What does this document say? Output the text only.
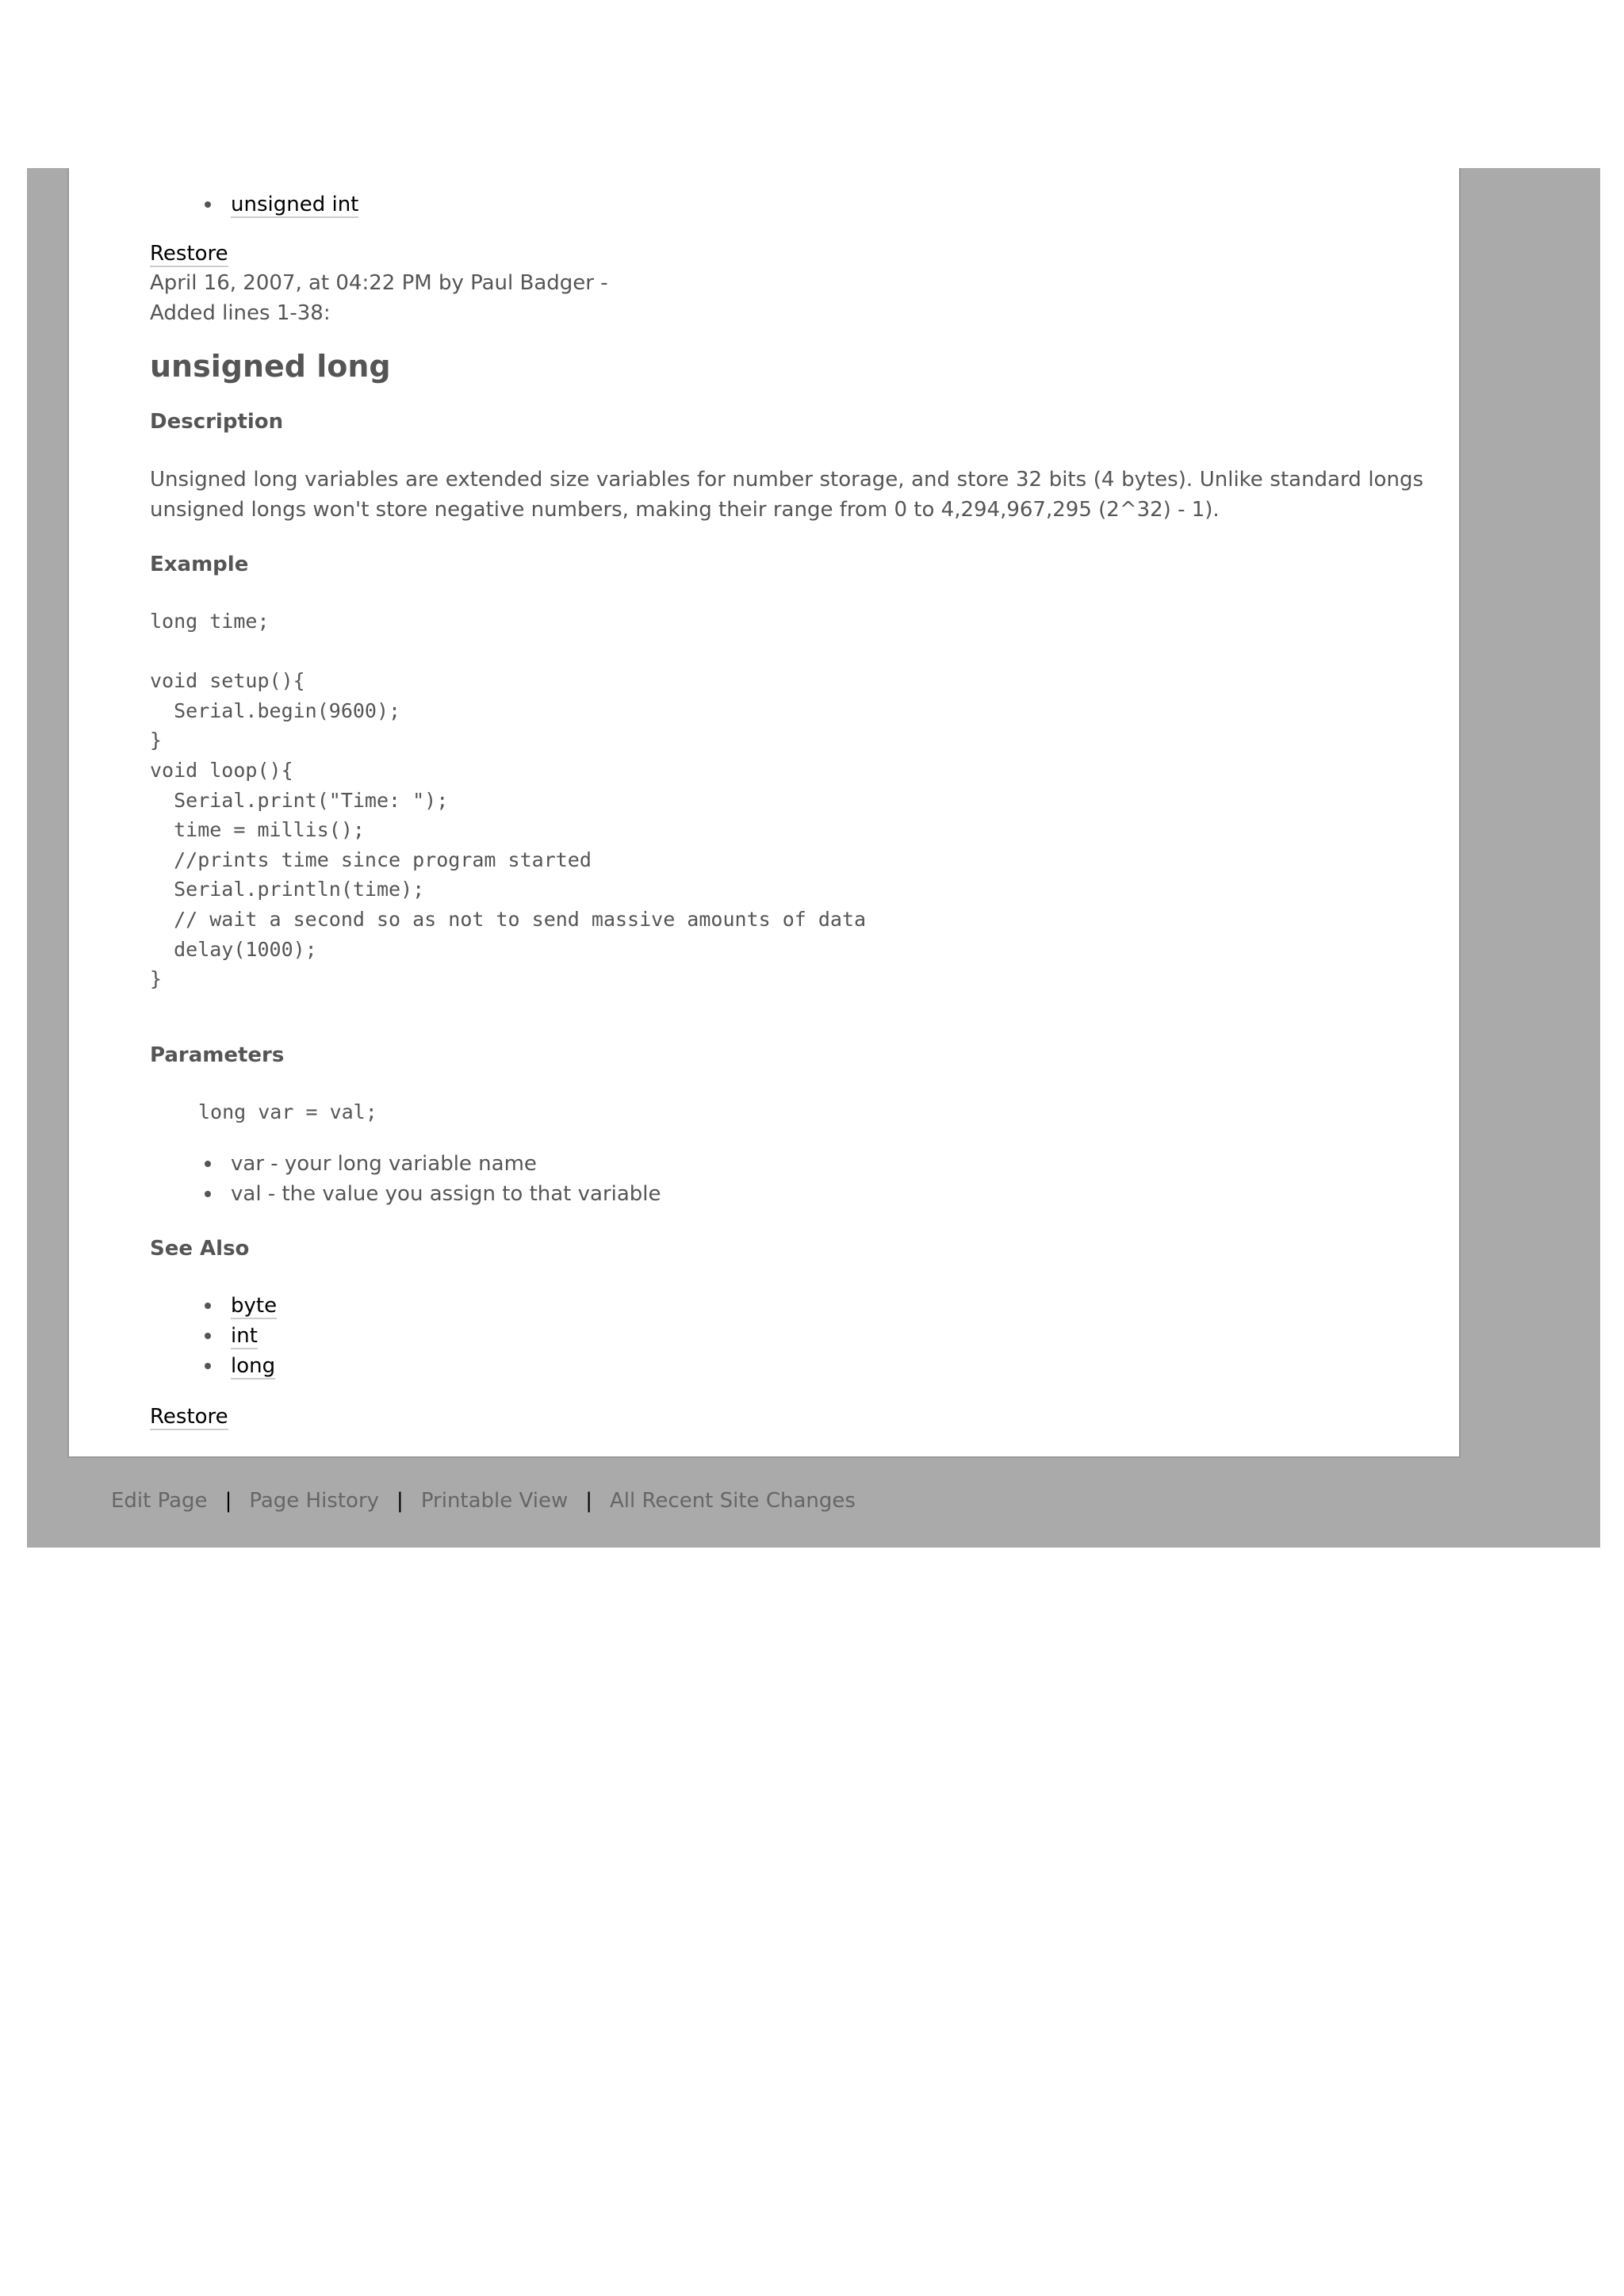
unsigned int
Restore
April 16, 2007, at 04:22 PM by Paul Badger -
Added lines 1-38:
unsigned long
Description
Unsigned long variables are extended size variables for number storage, and store 32 bits (4 bytes). Unlike standard longs
unsigned longs won't store negative numbers, making their range from 0 to 4,294,967,295 (2^32) - 1).
Example
long time;

void setup(){
Serial.begin(9600);
}
void loop(){
Serial.print("Time: ");
time = millis();
//prints time since program started
Serial.println(time);
// wait a second so as not to send massive amounts of data
delay(1000);
}
Parameters
long var = val;
var - your long variable name
val - the value you assign to that variable
See Also
byte
int
long
Restore
Edit Page | Page History | Printable View | All Recent Site Changes
